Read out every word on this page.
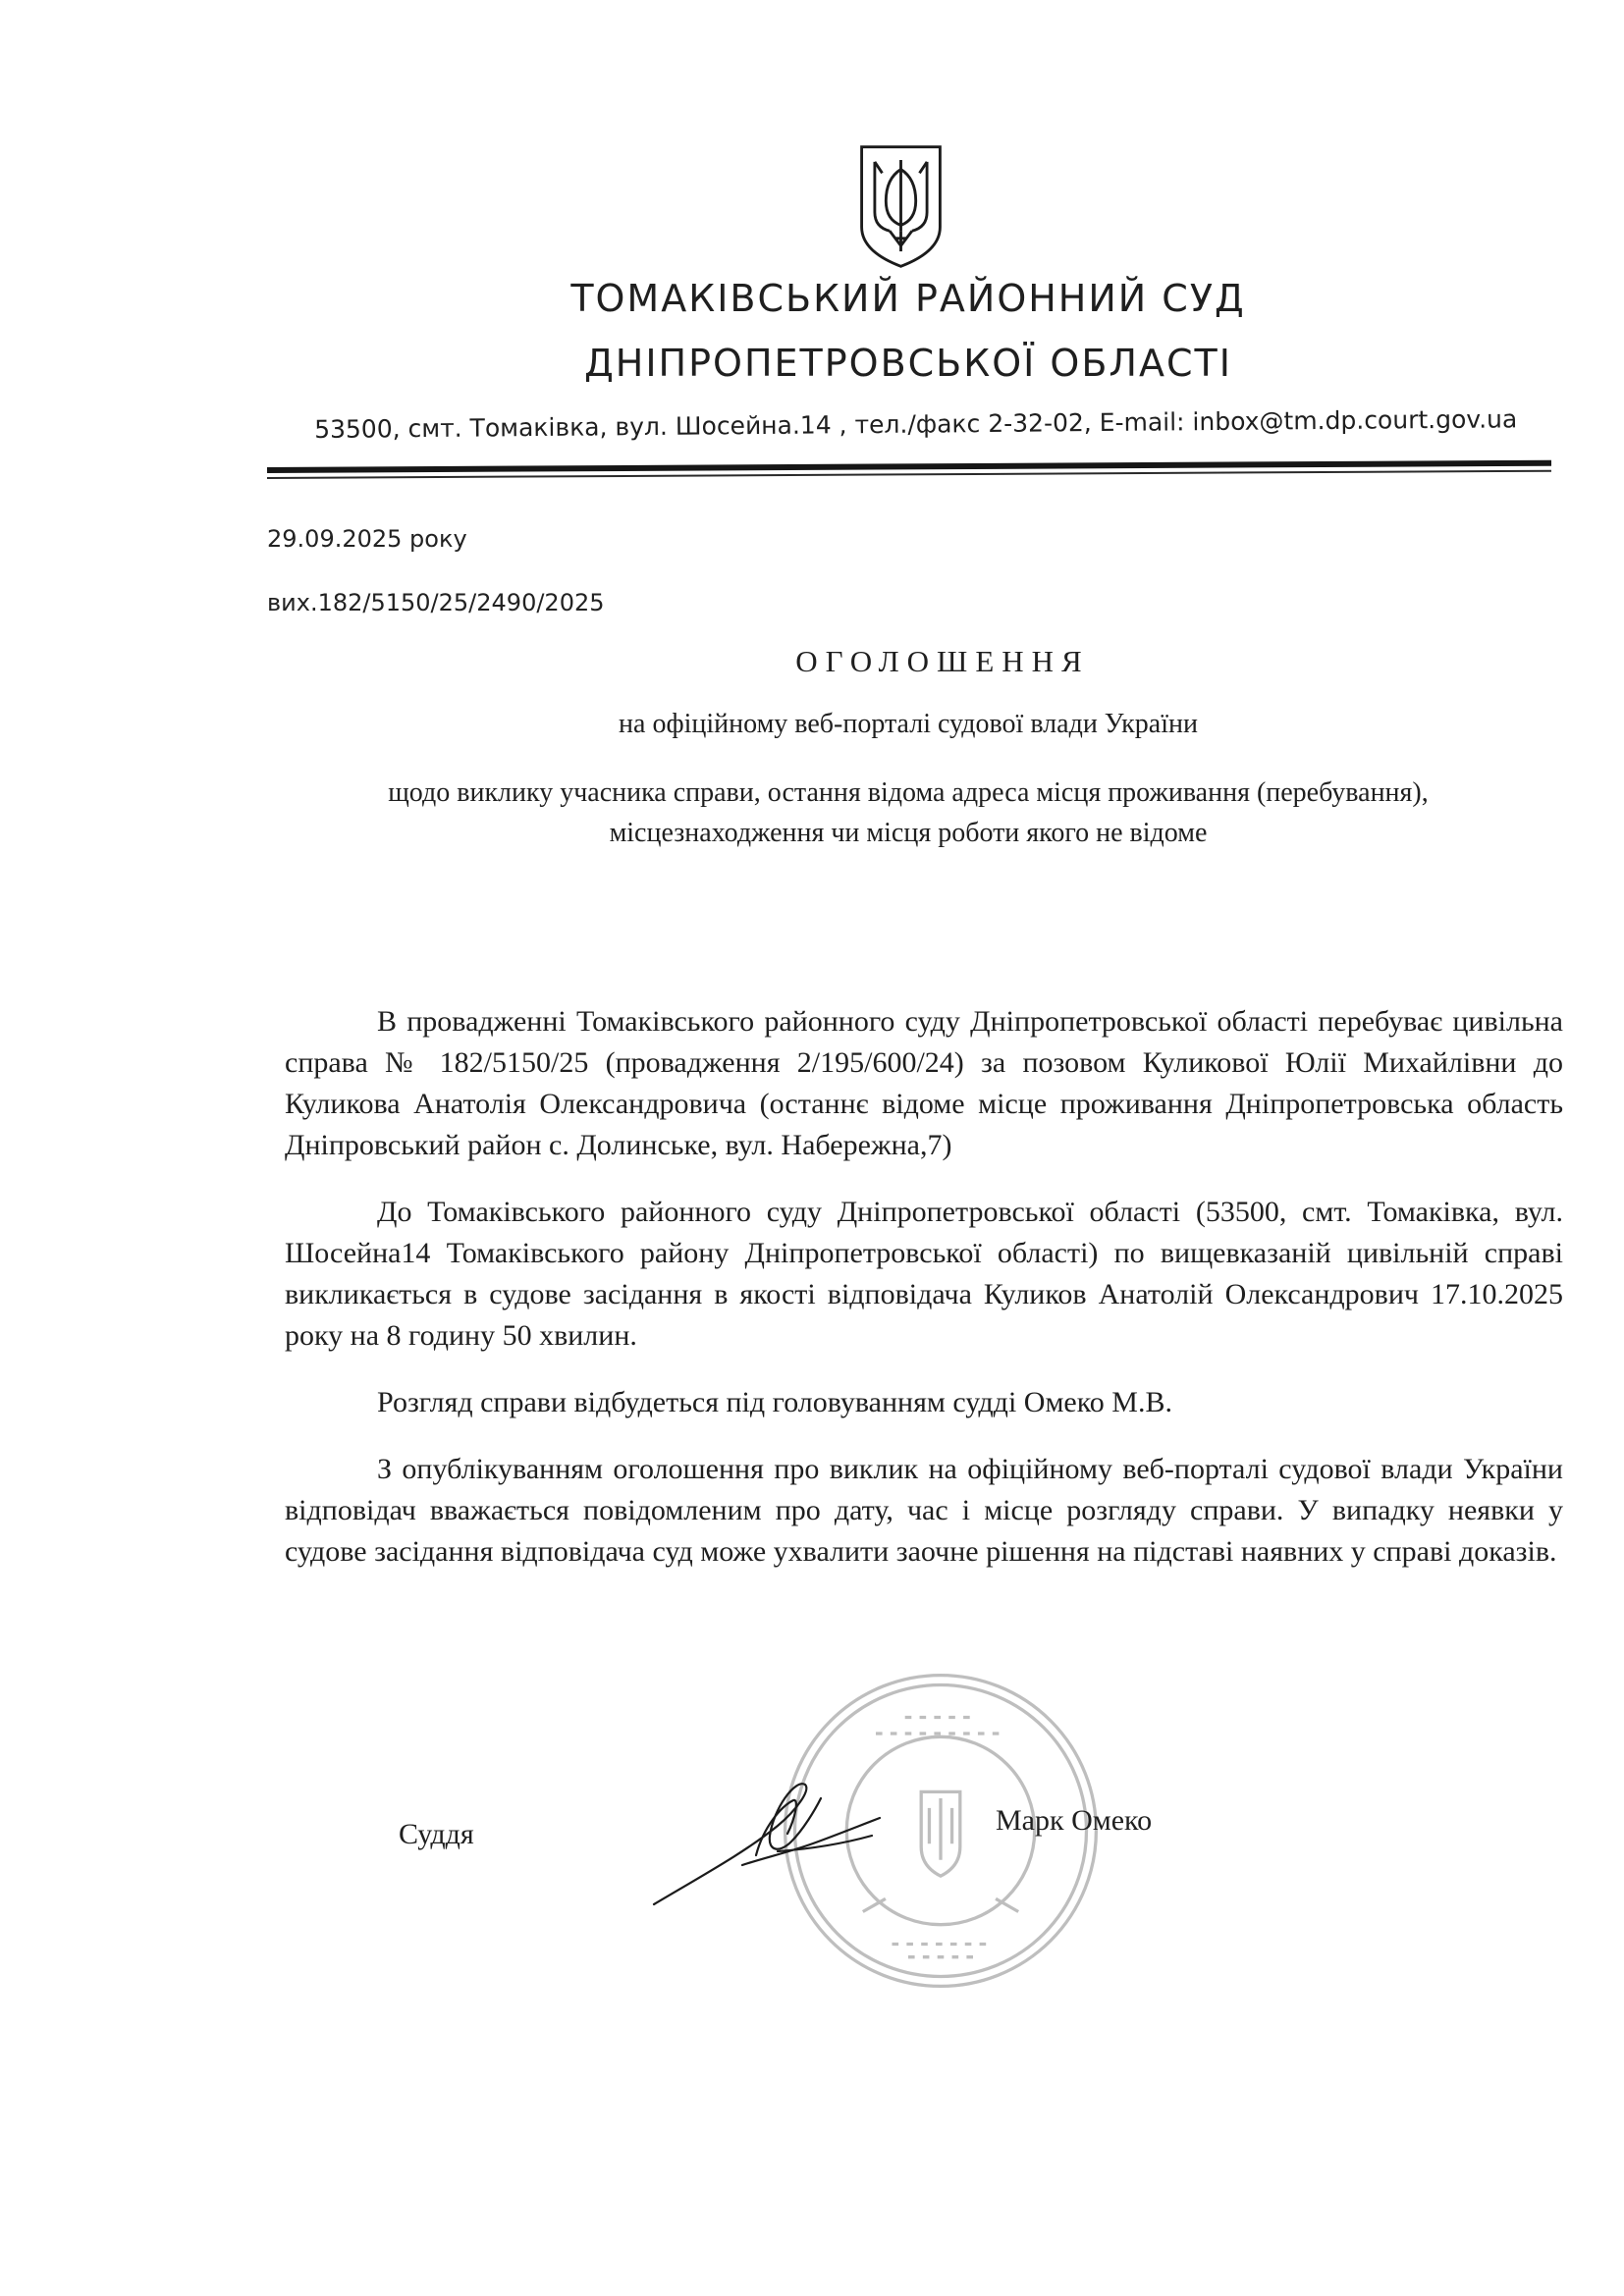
ТОМАКІВСЬКИЙ РАЙОННИЙ СУД
ДНІПРОПЕТРОВСЬКОЇ ОБЛАСТІ
53500, смт. Томаківка, вул. Шосейна.14 , тел./факс 2-32-02, E-mail: inbox@tm.dp.court.gov.ua
29.09.2025 року
вих.182/5150/25/2490/2025
ОГОЛОШЕННЯ

на офіційному веб-порталі судової влади України

щодо виклику учасника справи, остання відома адреса місця проживання (перебування),

місцезнаходження чи місця роботи якого не відоме

В провадженні Томаківського районного суду Дніпропетровської області перебуває цивільна справа № 182/5150/25 (провадження 2/195/600/24) за позовом Куликової Юлії Михайлівни до Куликова Анатолія Олександровича (останнє відоме місце проживання Дніпропетровська область Дніпровський район с. Долинське, вул. Набережна,7)

До Томаківського районного суду Дніпропетровської області (53500, смт. Томаківка, вул. Шосейна14 Томаківського району Дніпропетровської області) по вищевказаній цивільній справі викликається в судове засідання в якості відповідача Куликов Анатолій Олександрович 17.10.2025 року на 8 годину 50 хвилин.

Розгляд справи відбудеться під головуванням судді Омеко М.В.

З опублікуванням оголошення про виклик на офіційному веб-порталі судової влади України відповідач вважається повідомленим про дату, час і місце розгляду справи. У випадку неявки у судове засідання відповідача суд може ухвалити заочне рішення на підставі наявних у справі доказів.

Суддя	Марк Омеко
